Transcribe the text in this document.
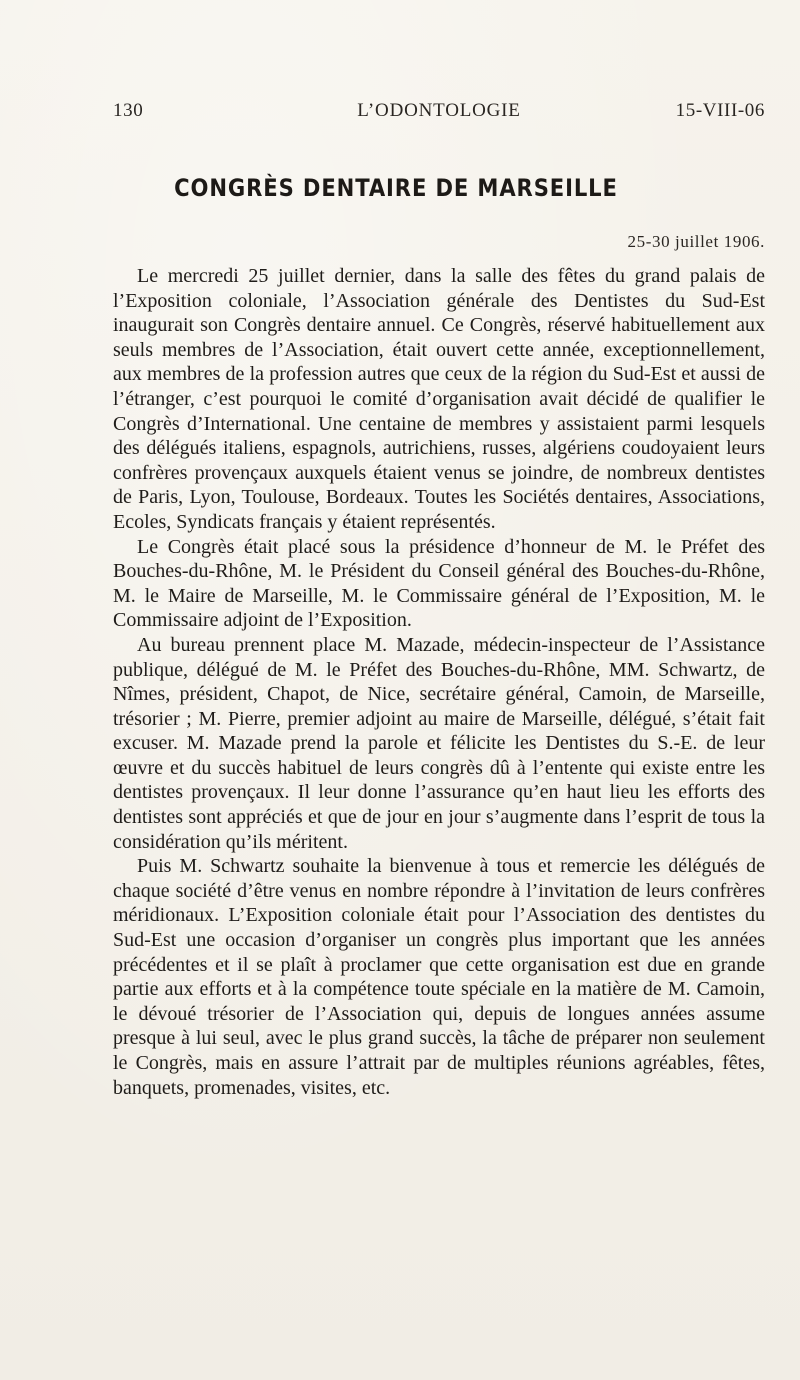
130	L’ODONTOLOGIE	15-VIII-06
CONGRÈS DENTAIRE DE MARSEILLE
25-30 juillet 1906.

Le mercredi 25 juillet dernier, dans la salle des fêtes du grand palais de l’Exposition coloniale, l’Association générale des Dentistes du Sud-Est inaugurait son Congrès dentaire annuel. Ce Congrès, réservé habituellement aux seuls membres de l’Association, était ouvert cette année, exceptionnellement, aux membres de la profession autres que ceux de la région du Sud-Est et aussi de l’étranger, c’est pourquoi le comité d’organisation avait décidé de qualifier le Congrès d’International. Une centaine de membres y assistaient parmi lesquels des délégués italiens, espagnols, autrichiens, russes, algériens coudoyaient leurs confrères provençaux auxquels étaient venus se joindre, de nombreux dentistes de Paris, Lyon, Toulouse, Bordeaux. Toutes les Sociétés dentaires, Associations, Ecoles, Syndicats français y étaient représentés.

Le Congrès était placé sous la présidence d’honneur de M. le Préfet des Bouches-du-Rhône, M. le Président du Conseil général des Bouches-du-Rhône, M. le Maire de Marseille, M. le Commissaire général de l’Exposition, M. le Commissaire adjoint de l’Exposition.

Au bureau prennent place M. Mazade, médecin-inspecteur de l’Assistance publique, délégué de M. le Préfet des Bouches-du-Rhône, MM. Schwartz, de Nîmes, président, Chapot, de Nice, secrétaire général, Camoin, de Marseille, trésorier ; M. Pierre, premier adjoint au maire de Marseille, délégué, s’était fait excuser. M. Mazade prend la parole et félicite les Dentistes du S.-E. de leur œuvre et du succès habituel de leurs congrès dû à l’entente qui existe entre les dentistes provençaux. Il leur donne l’assurance qu’en haut lieu les efforts des dentistes sont appréciés et que de jour en jour s’augmente dans l’esprit de tous la considération qu’ils méritent.

Puis M. Schwartz souhaite la bienvenue à tous et remercie les délégués de chaque société d’être venus en nombre répondre à l’invitation de leurs confrères méridionaux. L’Exposition coloniale était pour l’Association des dentistes du Sud-Est une occasion d’organiser un congrès plus important que les années précédentes et il se plaît à proclamer que cette organisation est due en grande partie aux efforts et à la compétence toute spéciale en la matière de M. Camoin, le dévoué trésorier de l’Association qui, depuis de longues années assume presque à lui seul, avec le plus grand succès, la tâche de préparer non seulement le Congrès, mais en assure l’attrait par de multiples réunions agréables, fêtes, banquets, promenades, visites, etc.
